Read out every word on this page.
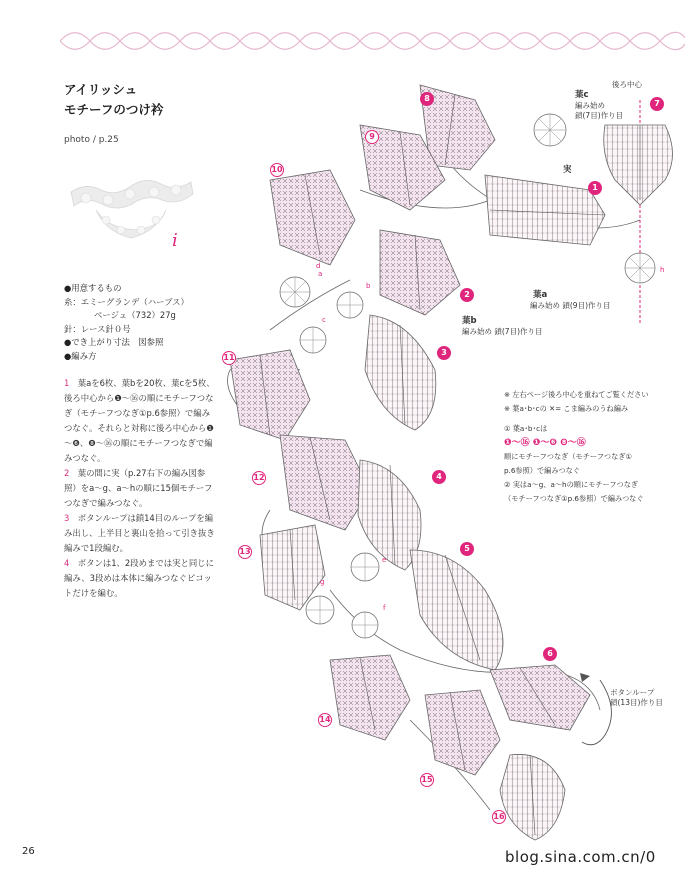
アイリッシュ
モチーフのつけ衿
photo / p.25
i
●用意するもの
糸：エミーグランデ（ハーブス）
ベージュ（732）27g
針：レース針０号
●でき上がり寸法　図参照
●編み方
1　 葉aを6枚、葉bを20枚、葉cを5枚、後ろ中心から❶～⑯の順にモチーフつなぎ（モチーフつなぎ①p.6参照）で編みつなぐ。それらと対称に後ろ中心から❶～❻、❽～⑯の順にモチーフつなぎで編みつなぐ。
2　 葉の間に実（p.27右下の編み図参照）をa～g、a～hの順に15個モチーフつなぎで編みつなぐ。
3　 ボタンループは鎖14目のループを編み出し、上半目と裏山を拾って引き抜き編みで1段編む。
4　 ボタンは1、2段めまでは実と同じに編み、3段めは本体に編みつなぐピコットだけを編む。
後ろ中心
葉c
編み始め
鎖(7目)作り目
実
葉a
編み始め 鎖(9目)作り目
葉b
編み始め 鎖(7目)作り目
ボタンループ
鎖(13目)作り目
1
2
3
4
5
6
7
8
9
10
11
12
13
14
15
16
a
b
c
d
e
f
g
h
※ 左右ページ後ろ中心を重ねてご覧ください
※ 葉a･b･cの ✕= こま編みのうね編み
① 葉a･b･cは
❶～⑯ ❶～❻ ❽～⑯
順にモチーフつなぎ（モチーフつなぎ①
p.6参照）で編みつなぐ
② 実はa～g、a～hの順にモチーフつなぎ
（モチーフつなぎ①p.6参照）で編みつなぐ
26	blog.sina.com.cn/0
